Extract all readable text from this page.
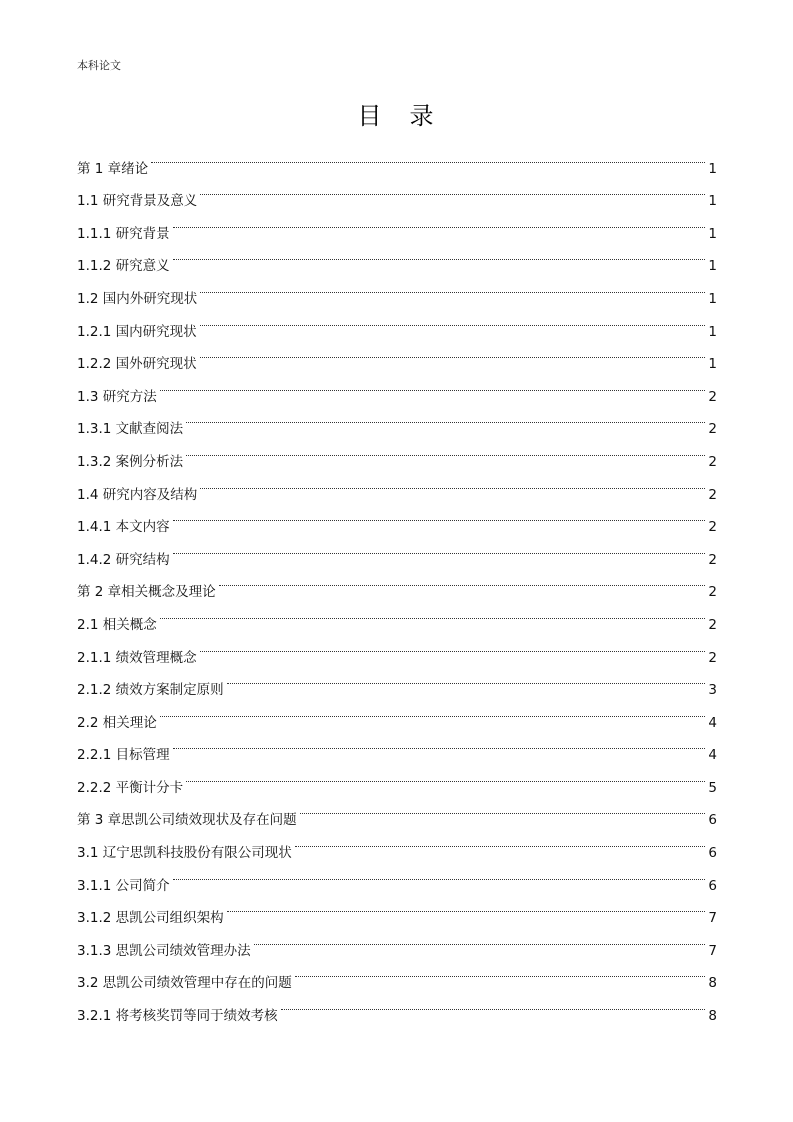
本科论文
目 录
第 1 章绪论	1
1.1 研究背景及意义	1
1.1.1 研究背景	1
1.1.2 研究意义	1
1.2 国内外研究现状	1
1.2.1 国内研究现状	1
1.2.2 国外研究现状	1
1.3 研究方法	2
1.3.1 文献查阅法	2
1.3.2 案例分析法	2
1.4 研究内容及结构	2
1.4.1 本文内容	2
1.4.2 研究结构	2
第 2 章相关概念及理论	2
2.1 相关概念	2
2.1.1 绩效管理概念	2
2.1.2 绩效方案制定原则	3
2.2 相关理论	4
2.2.1 目标管理	4
2.2.2 平衡计分卡	5
第 3 章思凯公司绩效现状及存在问题	6
3.1 辽宁思凯科技股份有限公司现状	6
3.1.1 公司简介	6
3.1.2 思凯公司组织架构	7
3.1.3 思凯公司绩效管理办法	7
3.2 思凯公司绩效管理中存在的问题	8
3.2.1 将考核奖罚等同于绩效考核	8
